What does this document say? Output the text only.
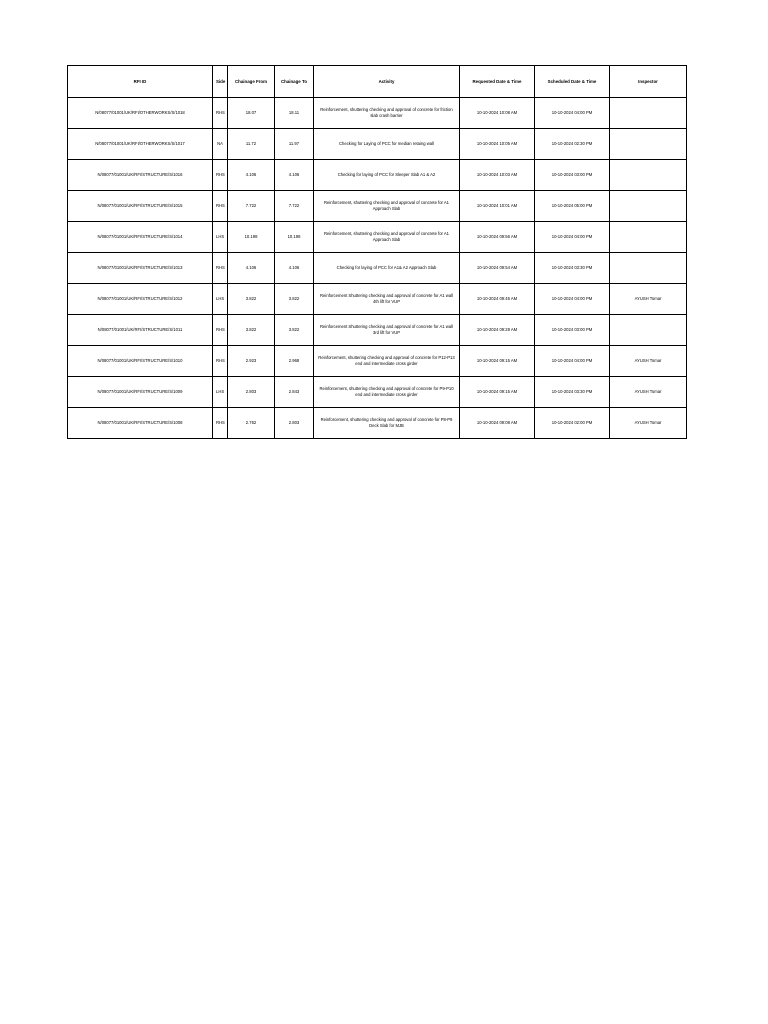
RFI ID	Side	Chainage From	Chainage To	Activity	Requested Date & Time	Scheduled Date & Time	Inspector
N/08077/01001/UK/RFI/OTHERWORKS/S/1018	RHS	18.07	18.11	Reinforcement, shuttering checking and approval of concrete for friction slab crash barrier	10-10-2024 10:08 AM	10-10-2024 04:00 PM	
N/08077/01001/UK/RFI/OTHERWORKS/S/1017	NA	11.72	11.97	Checking for Laying of PCC for median retaing wall	10-10-2024 10:05 AM	10-10-2024 02:30 PM	
N/08077/01001/UK/RFI/STRUCTURE/S/1016	RHS	4.106	4.106	Checking for laying of PCC for Sleeper Slab A1 & A2	10-10-2024 10:03 AM	10-10-2024 03:00 PM	
N/08077/01001/UK/RFI/STRUCTURE/S/1015	RHS	7.722	7.722	Reinforcement, shuttering checking and approval of concrete for A1 Approach Slab	10-10-2024 10:01 AM	10-10-2024 05:00 PM	
N/08077/01001/UK/RFI/STRUCTURE/S/1014	LHS	10.198	10.198	Reinforcement, shuttering checking and approval of concrete for A1 Approach Slab	10-10-2024 09:56 AM	10-10-2024 04:00 PM	
N/08077/01001/UK/RFI/STRUCTURE/S/1013	RHS	4.106	4.106	Checking for laying of PCC for A1& A2 Approach Slab	10-10-2024 09:54 AM	10-10-2024 03:30 PM	
N/08077/01001/UK/RFI/STRUCTURE/S/1012	LHS	3.822	3.822	Reinforcement Shuttering checking and approval of concrete for A1 wall 4th lift for VUP	10-10-2024 09:45 AM	10-10-2024 04:00 PM	AYUSH Tomar
N/08077/01001/UK/RFI/STRUCTURE/S/1011	RHS	3.822	3.822	Reinforcement Shuttering checking and approval of concrete for A1 wall 3rd lift for VUP	10-10-2024 09:28 AM	10-10-2024 03:00 PM	
N/08077/01001/UK/RFI/STRUCTURE/S/1010	RHS	2.923	2.968	Reinforcement, shuttering checking and approval of concrete for P12-P13 end and intermediate cross girder	10-10-2024 09:15 AM	10-10-2024 04:00 PM	AYUSH Tomar
N/08077/01001/UK/RFI/STRUCTURE/S/1009	LHS	2.803	2.843	Reinforcement, shuttering checking and approval of concrete for P9-P10 end and intermediate cross girder	10-10-2024 09:15 AM	10-10-2024 03:30 PM	AYUSH Tomar
N/08077/01001/UK/RFI/STRUCTURE/S/1008	RHS	2.762	2.803	Reinforcement, shuttering checking and approval of concrete for P8-P9 Deck Slab for MJB	10-10-2024 09:08 AM	10-10-2024 02:00 PM	AYUSH Tomar
